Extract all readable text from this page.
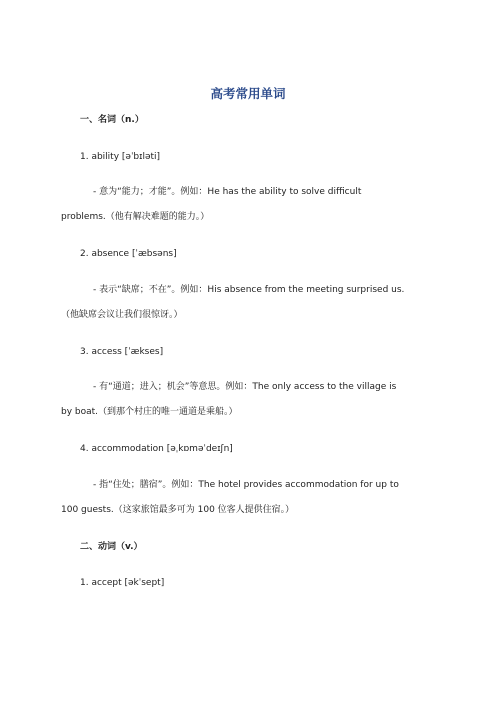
高考常用单词
一、名词（n.）
1. ability [əˈbɪləti]
- 意为“能力；才能”。例如：He has the ability to solve difficult
problems.（他有解决难题的能力。）
2. absence [ˈæbsəns]
- 表示“缺席；不在”。例如：His absence from the meeting surprised us.
（他缺席会议让我们很惊讶。）
3. access [ˈækses]
- 有“通道；进入；机会”等意思。例如：The only access to the village is
by boat.（到那个村庄的唯一通道是乘船。）
4. accommodation [əˌkɒməˈdeɪʃn]
- 指“住处；膳宿”。例如：The hotel provides accommodation for up to
100 guests.（这家旅馆最多可为 100 位客人提供住宿。）
二、动词（v.）
1. accept [əkˈsept]
